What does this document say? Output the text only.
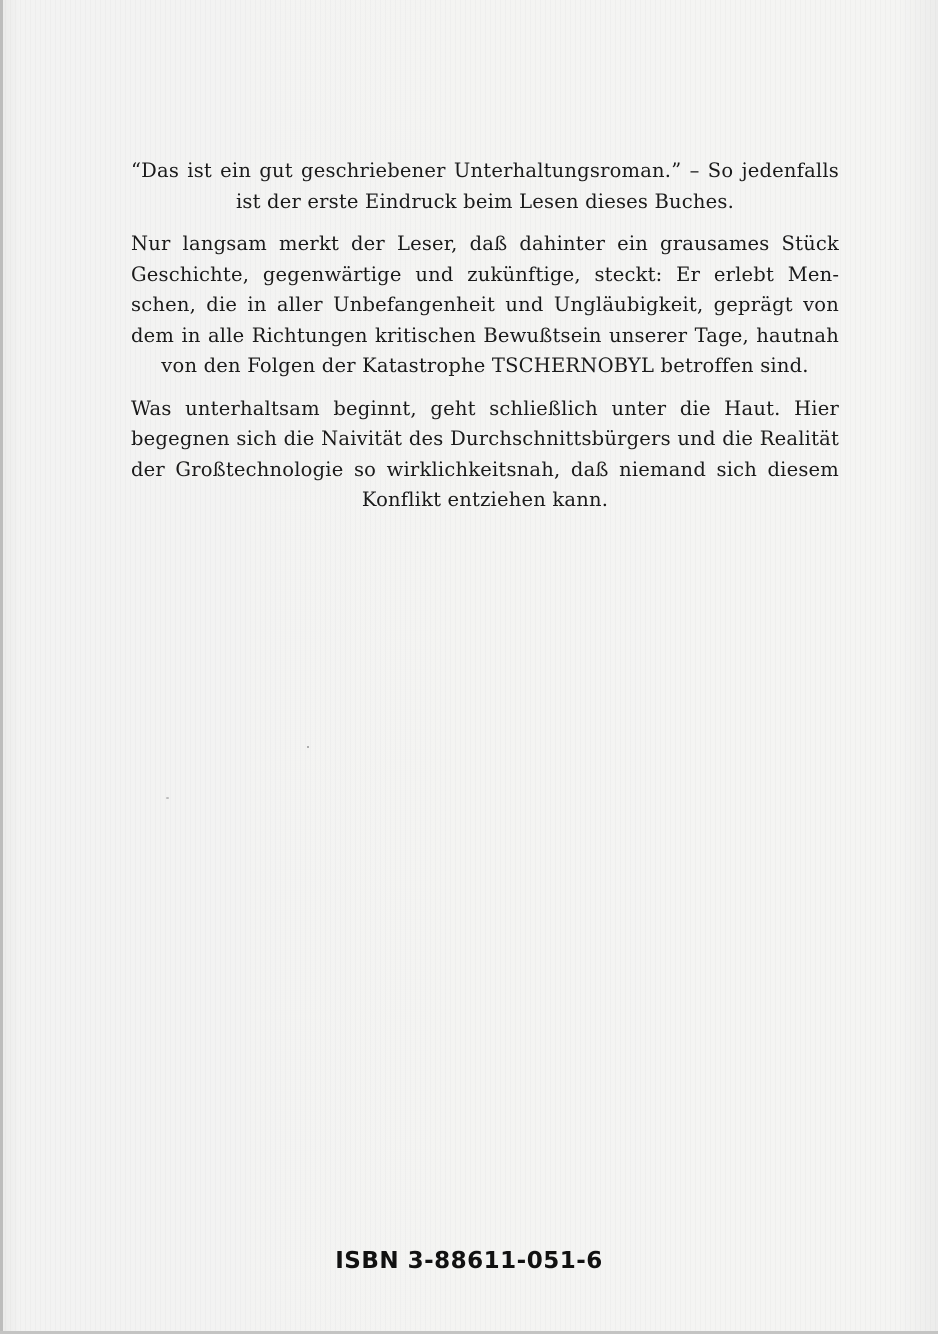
“Das ist ein gut geschriebener Unterhaltungsroman.” – So jedenfalls ist der erste Eindruck beim Lesen dieses Buches.

Nur langsam merkt der Leser, daß dahinter ein grausames Stück Geschichte, gegenwärtige und zukünftige, steckt: Er erlebt Menschen, die in aller Unbefangenheit und Ungläubigkeit, geprägt von dem in alle Richtungen kritischen Bewußtsein unserer Tage, hautnah von den Folgen der Katastrophe TSCHERNOBYL betroffen sind.

Was unterhaltsam beginnt, geht schließlich unter die Haut. Hier begegnen sich die Naivität des Durchschnittsbürgers und die Realität der Großtechnologie so wirklichkeitsnah, daß niemand sich diesem Konflikt entziehen kann.

ISBN 3-88611-051-6
